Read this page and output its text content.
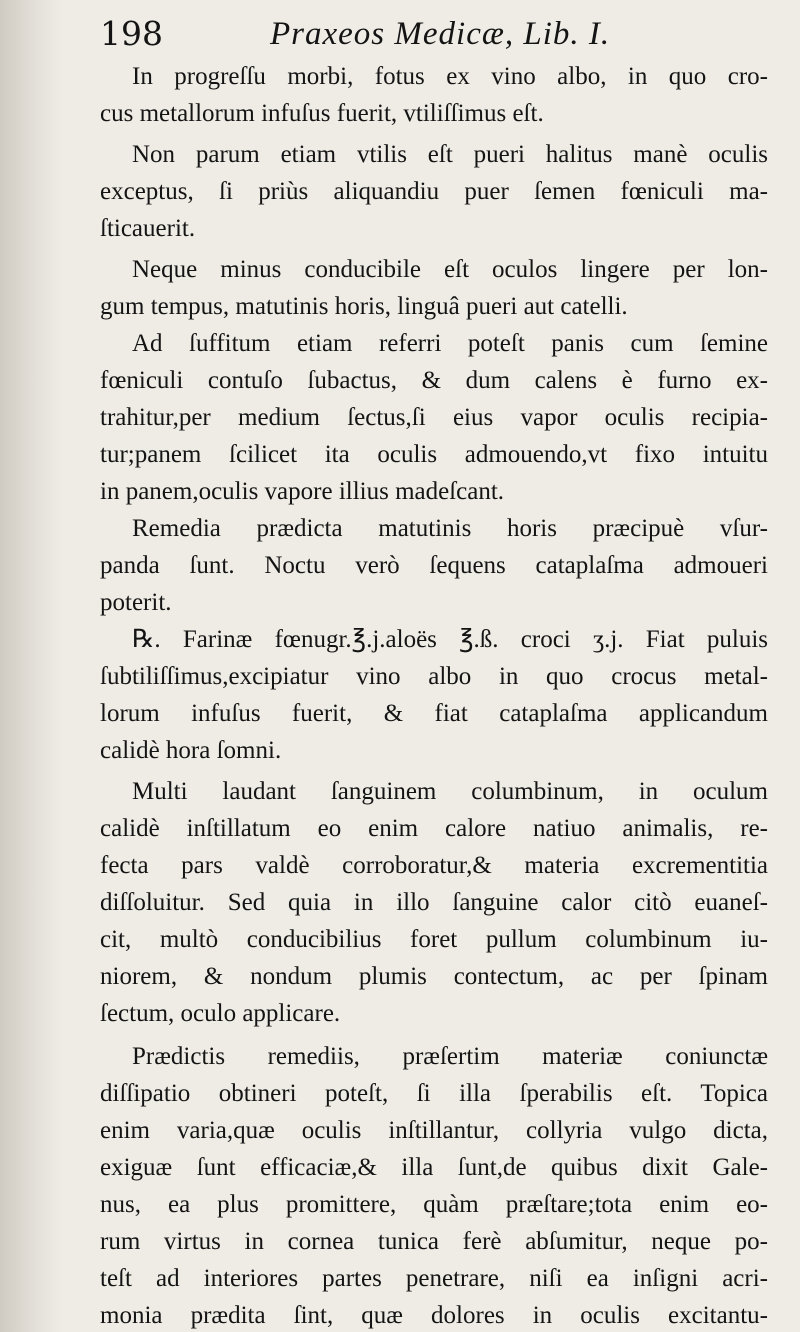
198	Praxeos Medicæ, Lib. I.
In progreſſu morbi, fotus ex vino albo, in quo cro-
cus metallorum infuſus fuerit, vtiliſſimus eſt.
Non parum etiam vtilis eſt pueri halitus manè oculis
exceptus, ſi priùs aliquandiu puer ſemen fœniculi ma-
ſticauerit.
Neque minus conducibile eſt oculos lingere per lon-
gum tempus, matutinis horis, linguâ pueri aut catelli.
Ad ſuffitum etiam referri poteſt panis cum ſemine
fœniculi contuſo ſubactus, & dum calens è furno ex-
trahitur,per medium ſectus,ſi eius vapor oculis recipia-
tur;panem ſcilicet ita oculis admouendo,vt fixo intuitu
in panem,oculis vapore illius madeſcant.
Remedia prædicta matutinis horis præcipuè vſur-
panda ſunt. Noctu verò ſequens cataplaſma admoueri
poterit.
℞. Farinæ fœnugr.℥.j.aloës ℥.ß. croci ʒ.j. Fiat puluis
ſubtiliſſimus,excipiatur vino albo in quo crocus metal-
lorum infuſus fuerit, & fiat cataplaſma applicandum
calidè hora ſomni.
Multi laudant ſanguinem columbinum, in oculum
calidè inſtillatum eo enim calore natiuo animalis, re-
fecta pars valdè corroboratur,& materia excrementitia
diſſoluitur. Sed quia in illo ſanguine calor citò euaneſ-
cit, multò conducibilius foret pullum columbinum iu-
niorem, & nondum plumis contectum, ac per ſpinam
ſectum, oculo applicare.
Prædictis remediis, præſertim materiæ coniunctæ
diſſipatio obtineri poteſt, ſi illa ſperabilis eſt. Topica
enim varia,quæ oculis inſtillantur, collyria vulgo dicta,
exiguæ ſunt efficaciæ,& illa ſunt,de quibus dixit Gale-
nus, ea plus promittere, quàm præſtare;tota enim eo-
rum virtus in cornea tunica ferè abſumitur, neque po-
teſt ad interiores partes penetrare, niſi ea inſigni acri-
monia prædita ſint, quæ dolores in oculis excitantu-
